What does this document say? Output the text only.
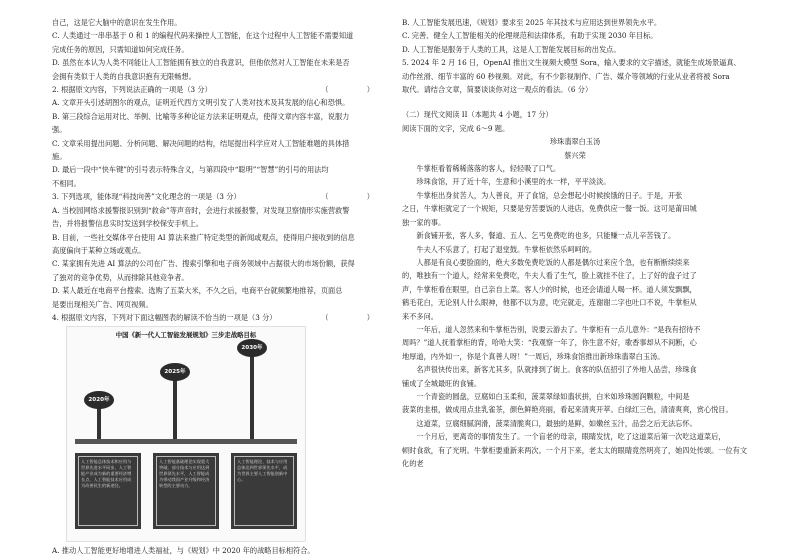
自己，这是它大脑中的意识在发生作用。

C. 人类通过一串串基于 0 和 1 的编程代码来操控人工智能，在这个过程中人工智能不需要知道

完成任务的原因，只需知道如何完成任务。

D. 虽然在本认为人类不同能让人工智能拥有独立的自我意识，但他依然对人工智能在未来是否

会拥有类似于人类的自我意识抱有无限畅想。

2. 根据原文内容，下列说法正确的一项是（3 分）	（　　）

A. 文章开头引述胡图尔的观点，证明近代西方文明引发了人类对技术及其发展的信心和恐惧。

B. 第三段综合运用对比、举例、比喻等多种论证方法来证明观点，使得文章内容丰富，说服力

强。

C. 文章采用提出问题、分析问题、解决问题的结构，结尾提出科学应对人工智能难题的具体措

施。

D. 最后一段中“快车键”的引号表示特殊含义，与第四段中“聪明”“智慧”的引号的用法均

不相同。

3. 下列选项，能体现“科技向善”文化理念的一项是（3 分）	（　　）

A. 当校园网络求援警报识别到“救命”等声音时，会进行求援报警，对发现卫察情形实施营救警

告，并将报警信息实时发送到学校保安手机上。

B. 目前，一些社交媒体平台使用 AI 算法来推广特定类型的新闻或观点，使得用户接收到的信息

高度偏向于某种立场或观点。

C. 某家拥有先进 AI 算法的公司在广告、搜索引擎和电子商务领域中占据很大的市场份额，获得

了独对的竞争优势，从而排除其他竞争者。

D. 某人最近在电商平台搜索、选购了五菜大米，不久之后，电商平台就频繁地推荐，页面总

是要出现相关广告、网页视频。

4. 根据原文内容，下列对下面这幅图表的解读不恰当的一项是（3 分）	（　　）
中国《新一代人工智能发展规划》三步走战略目标
2030年
2025年
2020年
人工智能总体技术和应用与世界先进水平同步，人工智能产业成为新的重要经济增长点，人工智能技术应用成为改善民生的新途径。
人工智能基础理论实现重大突破，部分技术与应用达到世界领先水平，人工智能成为带动我国产业升级和经济转型的主要动力。
人工智能理论、技术与应用总体达到世界领先水平，成为世界主要人工智能创新中心。

A. 推动人工智能更好地增进人类福祉，与《规划》中 2020 年的战略目标相符合。

B. 人工智能发展迅速，《规划》要求至 2025 年其技术与应用达到世界领先水平。

C. 完善、健全人工智能相关的伦理规范和法律体系，有助于实现 2030 年目标。

D. 人工智能是服务于人类的工具，这是人工智能发展目标的出发点。

5. 2024 年 2 月 16 日，OpenAI 推出文生视频大模型 Sora，输入要求的文字描述，就能生成场景逼真、

动作丝滑、细节丰富的 60 秒视频。对此，有不少影视制作、广告、媒介等领域的行业从业者将被 Sora

取代。请结合文章，简要谈谈你对这一观点的看法。（6 分）

（二）现代文阅读 II（本题共 4 小题，17 分）

阅读下面的文字，完成 6～9 题。

珍珠翡翠白玉汤

蔡兴荣

牛掌柜看着稀稀落落的客人，轻轻吸了口气。

珍珠食馆，开了近十年，生意和小溪里的水一样，平平淡淡。

牛掌柜出身贫苦人，为人善良，开了食馆，总会想起小时候挨饿的日子。于是，开张

之日，牛掌柜就定了一个规矩，只要是穷苦要饭的人进店，免费供应一餐一饭。这可是莆田城

独一家的事。

新食铺开张，客人多，餐道、五人、乞丐免费吃的也多，只能赚一点儿辛苦钱了。

牛夫人不乐意了，打起了退堂鼓。牛掌柜依然乐呵呵的。

人都是有良心要脸面的，绝大多数免费吃饭的人都是偶尔过来应个急，也有断断续续来

的，唯独有一个道人，经常来免费吃，牛夫人看了生气，脸上就挂不住了，上了好的盘子过了

声，牛掌柜看在眼里，自己亲自上菜。客人少的时候，也还会请道人喝一杯。道人须发飘飘，

鹤毛花白，无论别人什么眼神，他都不以为意，吃完就走，连谢谢二字也吐口不说，牛掌柜从

来不多问。

一年后，道人忽然来和牛掌柜告别，说要云游去了。牛掌柜有一点儿意外：“是我有招待不

周吗？”道人抚着掌柜的背，哈哈大笑：“我观察一年了，你生意不好，歌香事却从不间断，心

地厚道，内外如一，你是个真善人呀！”一周后，珍珠食馆推出新珍珠翡翠白玉汤。

名声很快传出来，新客尤其多，队就排到了街上。食客的队伍招引了外地人品尝，珍珠食

铺成了全城最旺的食铺。

一个青瓷的圆盘，豆腐如白玉柔和，菠菜翠绿如翡状拼，白米如珍珠圆润颗粒，中间是

菠菜的韭根，做成用点韭乳雀茶，颜色鲜艳亮丽，看起来清爽开萃。白绿红三色，清清爽爽，赏心悦目。

这道菜，豆腐细腻润滑，菠菜清脆爽口，最独的是鲜，如嫩丝玉汁，品尝之后无法忘怀。

一个月后，更离奇的事情发生了。一个盲老的母亲，眼睛发忧，吃了这道菜后第一次吃这道菜后，

顿时食欲，有了光明。牛掌柜要重新来两次。一个月下来，老太太的眼睛竟然明亮了，她四处传颂。一位有文化的老
